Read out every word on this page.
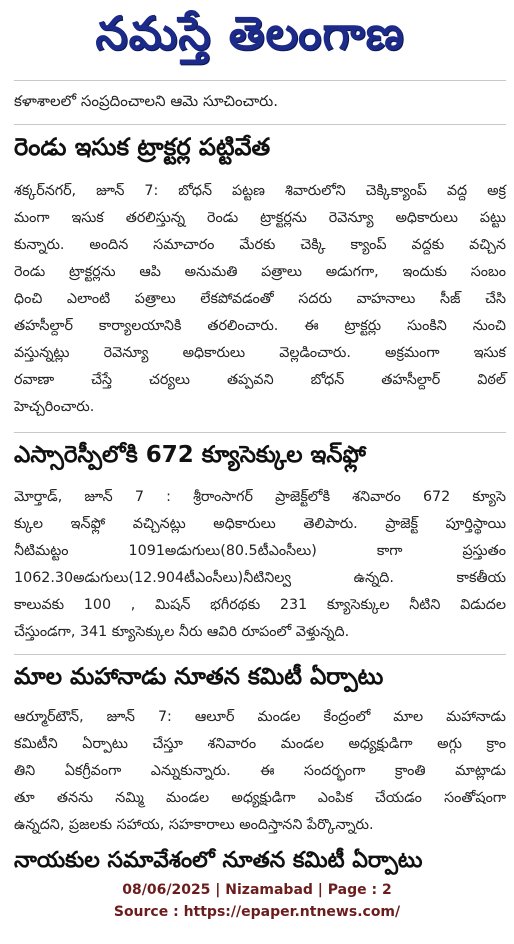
నమస్తే తెలంగాణ
కళాశాలలో సంప్రదించాలని ఆమె సూచించారు.
రెండు ఇసుక ట్రాక్టర్ల పట్టివేత
శక్కర్‌నగర్, జూన్ 7: బోధన్ పట్టణ శివారులోని చెక్కిక్యాంప్ వద్ద అక్ర
మంగా ఇసుక తరలిస్తున్న రెండు ట్రాక్టర్లను రెవెన్యూ అధికారులు పట్టు
కున్నారు. అందిన సమాచారం మేరకు చెక్కి క్యాంప్ వద్దకు వచ్చిన
రెండు ట్రాక్టర్లను ఆపి అనుమతి పత్రాలు అడుగగా, ఇందుకు సంబం
ధించి ఎలాంటి పత్రాలు లేకపోవడంతో సదరు వాహనాలు సీజ్ చేసి
తహసీల్దార్ కార్యాలయానికి తరలించారు. ఈ ట్రాక్టర్లు సుంకిని నుంచి
వస్తున్నట్లు రెవెన్యూ అధికారులు వెల్లడించారు. అక్రమంగా ఇసుక
రవాణా చేస్తే చర్యలు తప్పవని బోధన్ తహసీల్దార్ విఠల్
హెచ్చరించారు.
ఎస్సారెస్పీలోకి 672 క్యూసెక్కుల ఇన్‌ఫ్లో
మోర్తాడ్, జూన్ 7 : శ్రీరాంసాగర్ ప్రాజెక్ట్‌లోకి శనివారం 672 క్యూసె
క్కుల ఇన్‌ఫ్లో వచ్చినట్లు అధికారులు తెలిపారు. ప్రాజెక్ట్ పూర్తిస్థాయి
నీటిమట్టం 1091అడుగులు(80.5టీఎంసీలు) కాగా ప్రస్తుతం
1062.30అడుగులు(12.904టీఎంసీలు)నీటినిల్వ ఉన్నది. కాకతీయ
కాలువకు 100 , మిషన్ భగీరథకు 231 క్యూసెక్కుల నీటిని విడుదల
చేస్తుండగా, 341 క్యూసెక్కుల నీరు ఆవిరి రూపంలో వెళ్తున్నది.
మాల మహానాడు నూతన కమిటీ ఏర్పాటు
ఆర్మూర్‌టౌన్, జూన్ 7: ఆలూర్ మండల కేంద్రంలో మాల మహానాడు
కమిటీని ఏర్పాటు చేస్తూ శనివారం మండల అధ్యక్షుడిగా అగ్గు క్రాం
తిని ఏకగ్రీవంగా ఎన్నుకున్నారు. ఈ సందర్భంగా క్రాంతి మాట్లాడు
తూ తనను నమ్మి మండల అధ్యక్షుడిగా ఎంపిక చేయడం సంతోషంగా
ఉన్నదని, ప్రజలకు సహాయ, సహకారాలు అందిస్తానని పేర్కొన్నారు.
నాయకుల సమావేశంలో నూతన కమిటీ ఏర్పాటు
08/06/2025 | Nizamabad | Page : 2
Source : https://epaper.ntnews.com/
